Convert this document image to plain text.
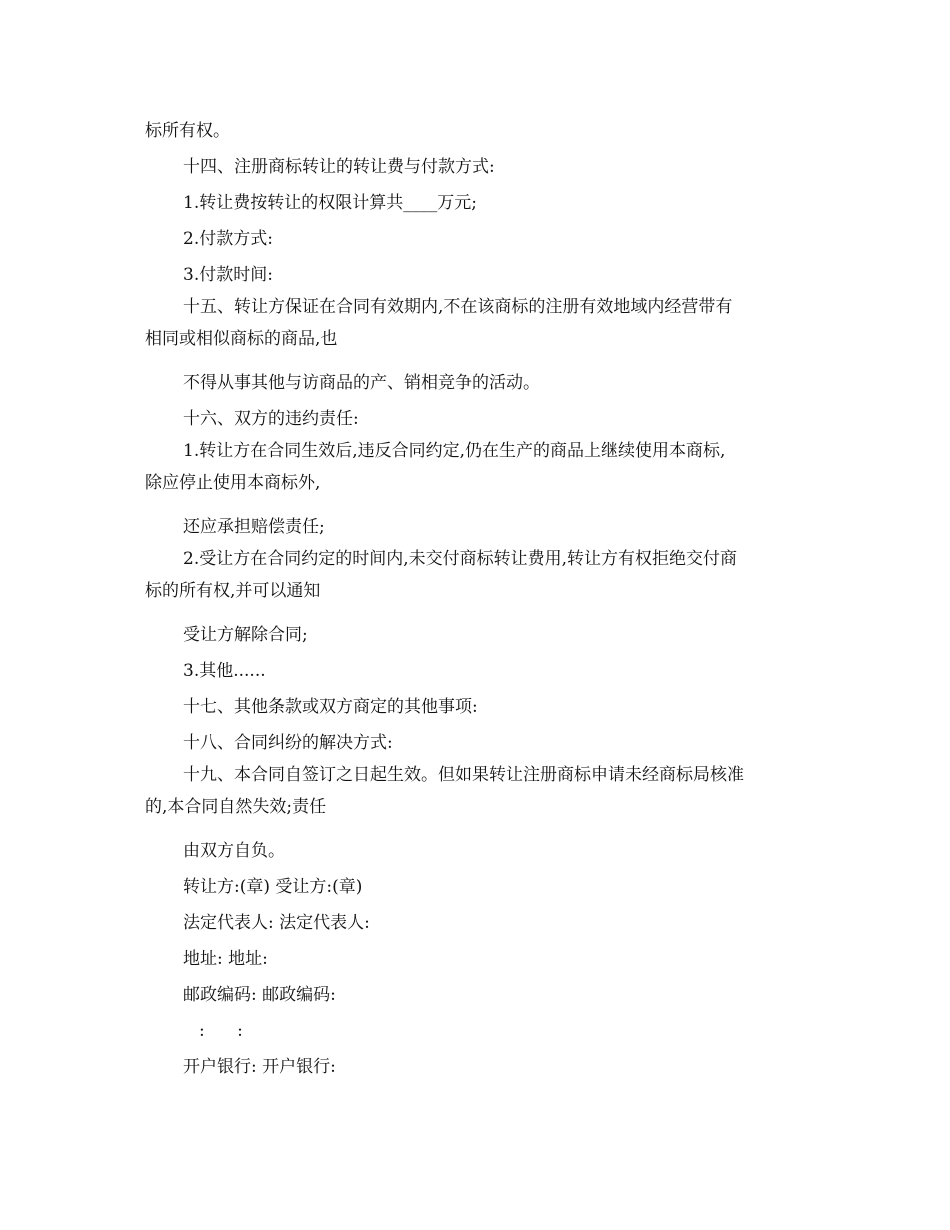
标所有权。
十四、注册商标转让的转让费与付款方式:
1.转让费按转让的权限计算共____万元;
2.付款方式:
3.付款时间:
十五、转让方保证在合同有效期内,不在该商标的注册有效地域内经营带有
相同或相似商标的商品,也
不得从事其他与访商品的产、销相竞争的活动。
十六、双方的违约责任:
1.转让方在合同生效后,违反合同约定,仍在生产的商品上继续使用本商标,
除应停止使用本商标外,
还应承担赔偿责任;
2.受让方在合同约定的时间内,未交付商标转让费用,转让方有权拒绝交付商
标的所有权,并可以通知
受让方解除合同;
3.其他......
十七、其他条款或双方商定的其他事项:
十八、合同纠纷的解决方式:
十九、本合同自签订之日起生效。但如果转让注册商标申请未经商标局核准
的,本合同自然失效;责任
由双方自负。
转让方:(章) 受让方:(章)
法定代表人: 法定代表人:
地址: 地址:
邮政编码: 邮政编码:
:      :
开户银行: 开户银行:
